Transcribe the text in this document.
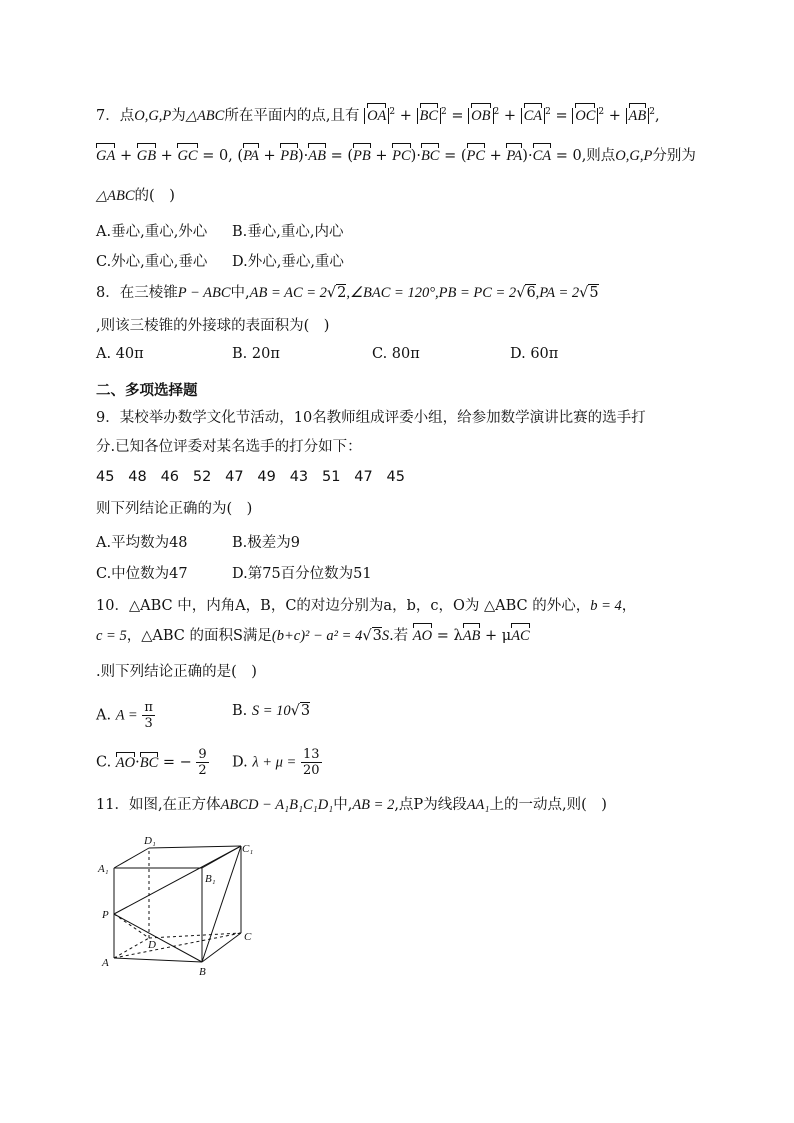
7．点O,G,P为△ABC所在平面内的点,且有 OA $^2$ + BC $^2$ = OB $^2$ + CA $^2$ = OC $^2$ + AB $^2$,
GA + GB + GC = 0, (PA + PB)·AB = (PB + PC)·BC = (PC + PA)·CA = 0,则点O,G,P分别为
△ABC的(　)
A.垂心,重心,外心 B.垂心,重心,内心
C.外心,重心,垂心 D.外心,垂心,重心
8．在三棱锥P − ABC中,AB = AC = 2√2,∠BAC = 120°,PB = PC = 2√6,PA = 2√5
,则该三棱锥的外接球的表面积为(　)
A. 40π	B. 20π	C. 80π	D. 60π
二、多项选择题
9．某校举办数学文化节活动，10名教师组成评委小组，给参加数学演讲比赛的选手打
分.已知各位评委对某名选手的打分如下：
45 48 46 52 47 49 43 51 47 45
则下列结论正确的为(　)
A.平均数为48	B.极差为9
C.中位数为47	D.第75百分位数为51
10．△ABC 中，内角A，B，C的对边分别为a，b，c，O为 △ABC 的外心，b = 4，
c = 5，△ABC 的面积S满足(b+c)² − a² = 4√3S.若 AO = λAB + μAC
.则下列结论正确的是(　)
A. $A = \frac{\pi}{3}$	B. S = 10√3
C. AO·BC = − $\frac{9}{2} D$. $\lambda + \mu = \frac{13}{20}$
11．如图,在正方体ABCD − A₁B₁C₁D₁中,AB = 2,点P为线段AA₁上的一动点,则(　)
D₁
C₁
A₁
B₁
P
D
C
A
B
